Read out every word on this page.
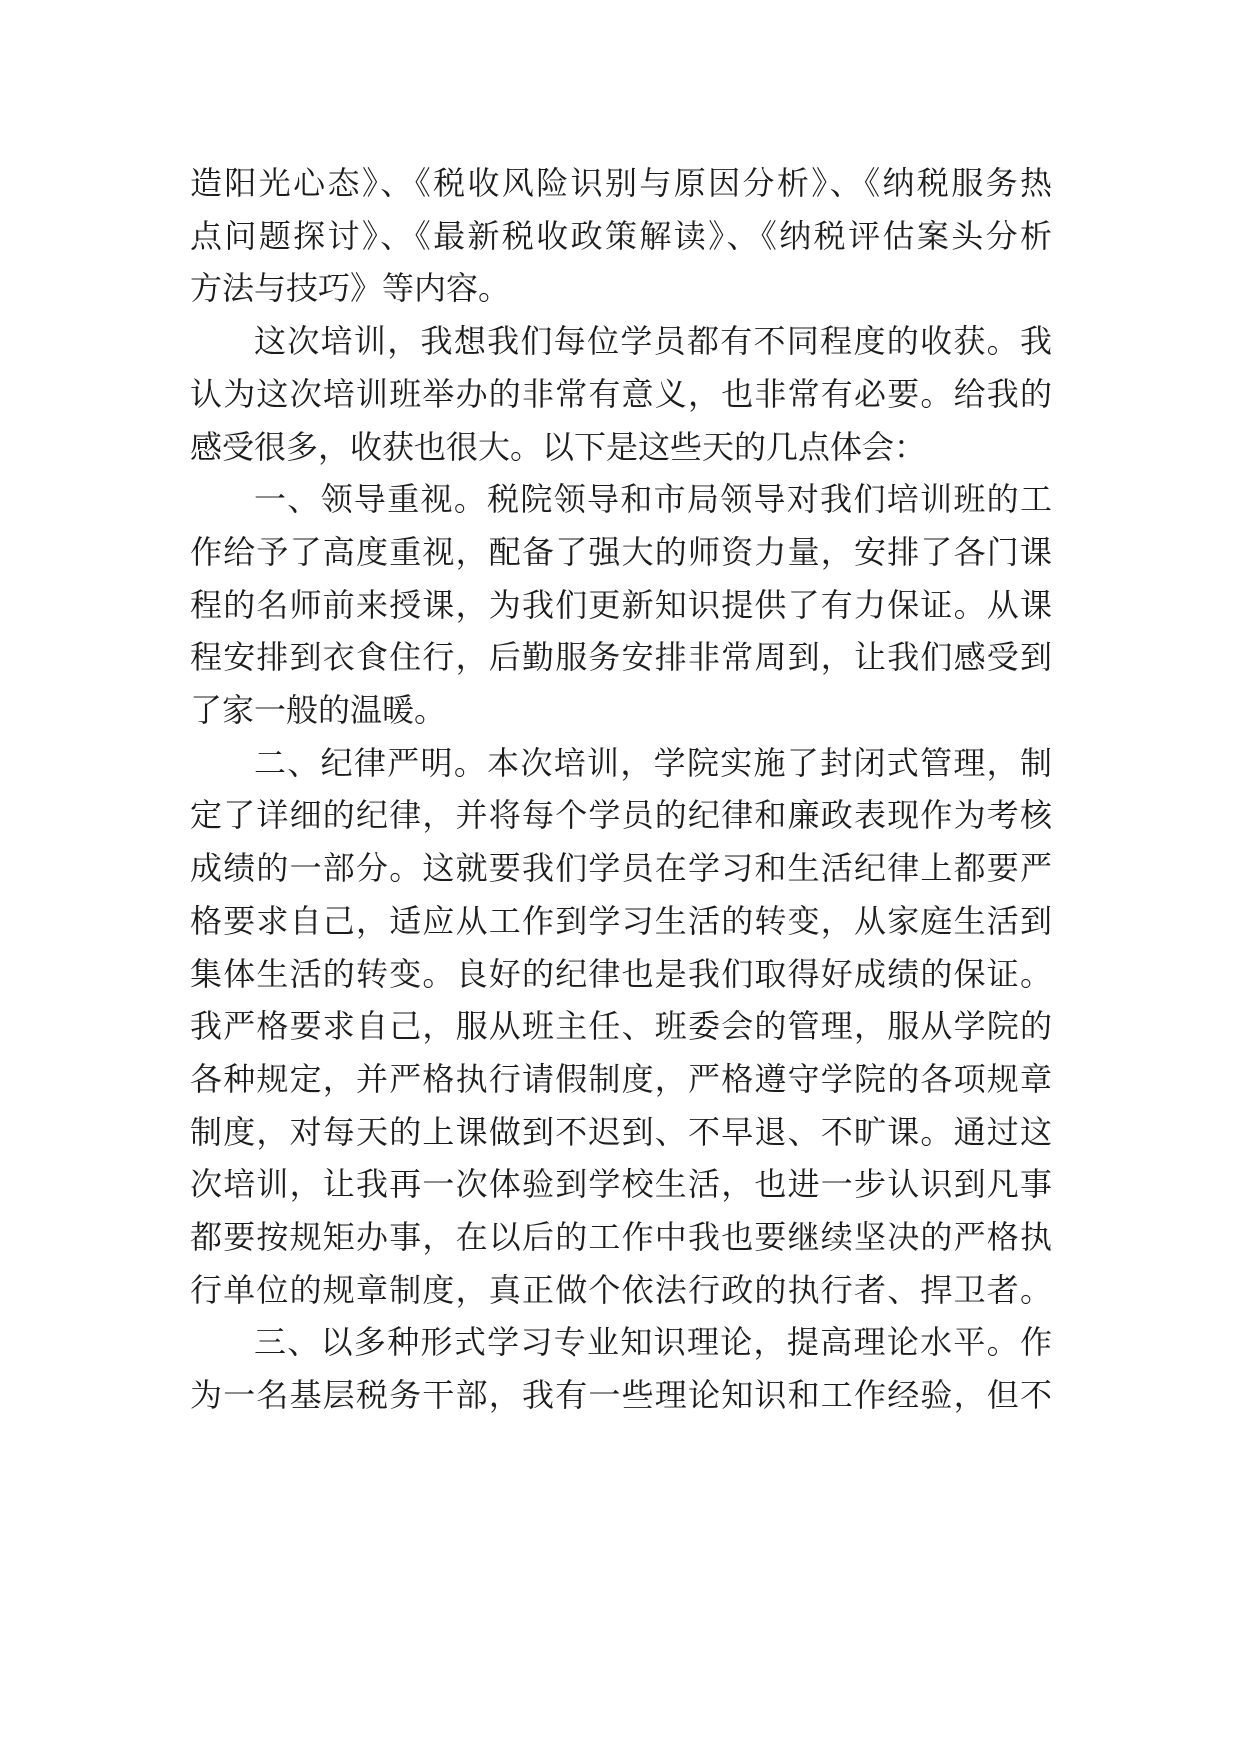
造阳光心态》、《税收风险识别与原因分析》、《纳税服务热
点问题探讨》、《最新税收政策解读》、《纳税评估案头分析
方法与技巧》等内容。
这次培训，我想我们每位学员都有不同程度的收获。我
认为这次培训班举办的非常有意义，也非常有必要。给我的
感受很多，收获也很大。以下是这些天的几点体会：
一、领导重视。税院领导和市局领导对我们培训班的工
作给予了高度重视，配备了强大的师资力量，安排了各门课
程的名师前来授课，为我们更新知识提供了有力保证。从课
程安排到衣食住行，后勤服务安排非常周到，让我们感受到
了家一般的温暖。
二、纪律严明。本次培训，学院实施了封闭式管理，制
定了详细的纪律，并将每个学员的纪律和廉政表现作为考核
成绩的一部分。这就要我们学员在学习和生活纪律上都要严
格要求自己，适应从工作到学习生活的转变，从家庭生活到
集体生活的转变。良好的纪律也是我们取得好成绩的保证。
我严格要求自己，服从班主任、班委会的管理，服从学院的
各种规定，并严格执行请假制度，严格遵守学院的各项规章
制度，对每天的上课做到不迟到、不早退、不旷课。通过这
次培训，让我再一次体验到学校生活，也进一步认识到凡事
都要按规矩办事，在以后的工作中我也要继续坚决的严格执
行单位的规章制度，真正做个依法行政的执行者、捍卫者。
三、以多种形式学习专业知识理论，提高理论水平。作
为一名基层税务干部，我有一些理论知识和工作经验，但不
